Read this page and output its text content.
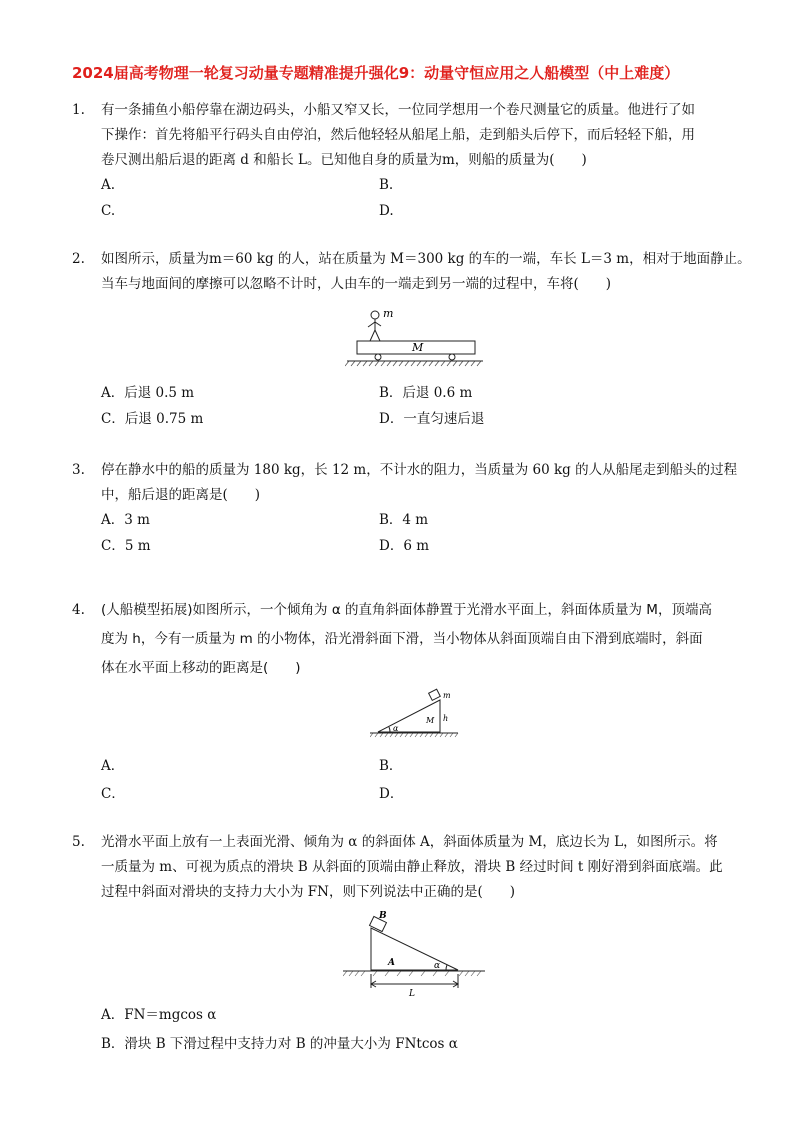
2024届高考物理一轮复习动量专题精准提升强化9：动量守恒应用之人船模型（中上难度）
1. 有一条捕鱼小船停靠在湖边码头，小船又窄又长，一位同学想用一个卷尺测量它的质量。他进行了如
下操作：首先将船平行码头自由停泊，然后他轻轻从船尾上船，走到船头后停下，而后轻轻下船，用
卷尺测出船后退的距离 d 和船长 L。已知他自身的质量为m，则船的质量为(　　)
A.	B.
C.	D.
2. 如图所示，质量为m＝60 kg 的人，站在质量为 M＝300 kg 的车的一端，车长 L＝3 m，相对于地面静止。
当车与地面间的摩擦可以忽略不计时，人由车的一端走到另一端的过程中，车将(　　)
m
M
A．后退 0.5 m	B．后退 0.6 m
C．后退 0.75 m	D．一直匀速后退
3. 停在静水中的船的质量为 180 kg，长 12 m，不计水的阻力，当质量为 60 kg 的人从船尾走到船头的过程
中，船后退的距离是(　　)
A．3 m	B．4 m
C．5 m	D．6 m
4. (人船模型拓展)如图所示，一个倾角为 α 的直角斜面体静置于光滑水平面上，斜面体质量为 M，顶端高
度为 h，今有一质量为 m 的小物体，沿光滑斜面下滑，当小物体从斜面顶端自由下滑到底端时，斜面
体在水平面上移动的距离是(　　)
m
M h
α
A．	B．
C．	D．
5. 光滑水平面上放有一上表面光滑、倾角为 α 的斜面体 A，斜面体质量为 M，底边长为 L，如图所示。将
一质量为 m、可视为质点的滑块 B 从斜面的顶端由静止释放，滑块 B 经过时间 t 刚好滑到斜面底端。此
过程中斜面对滑块的支持力大小为 FN，则下列说法中正确的是(　　)
B
A	α
L
A．FN＝mgcos α
B．滑块 B 下滑过程中支持力对 B 的冲量大小为 FNtcos α
